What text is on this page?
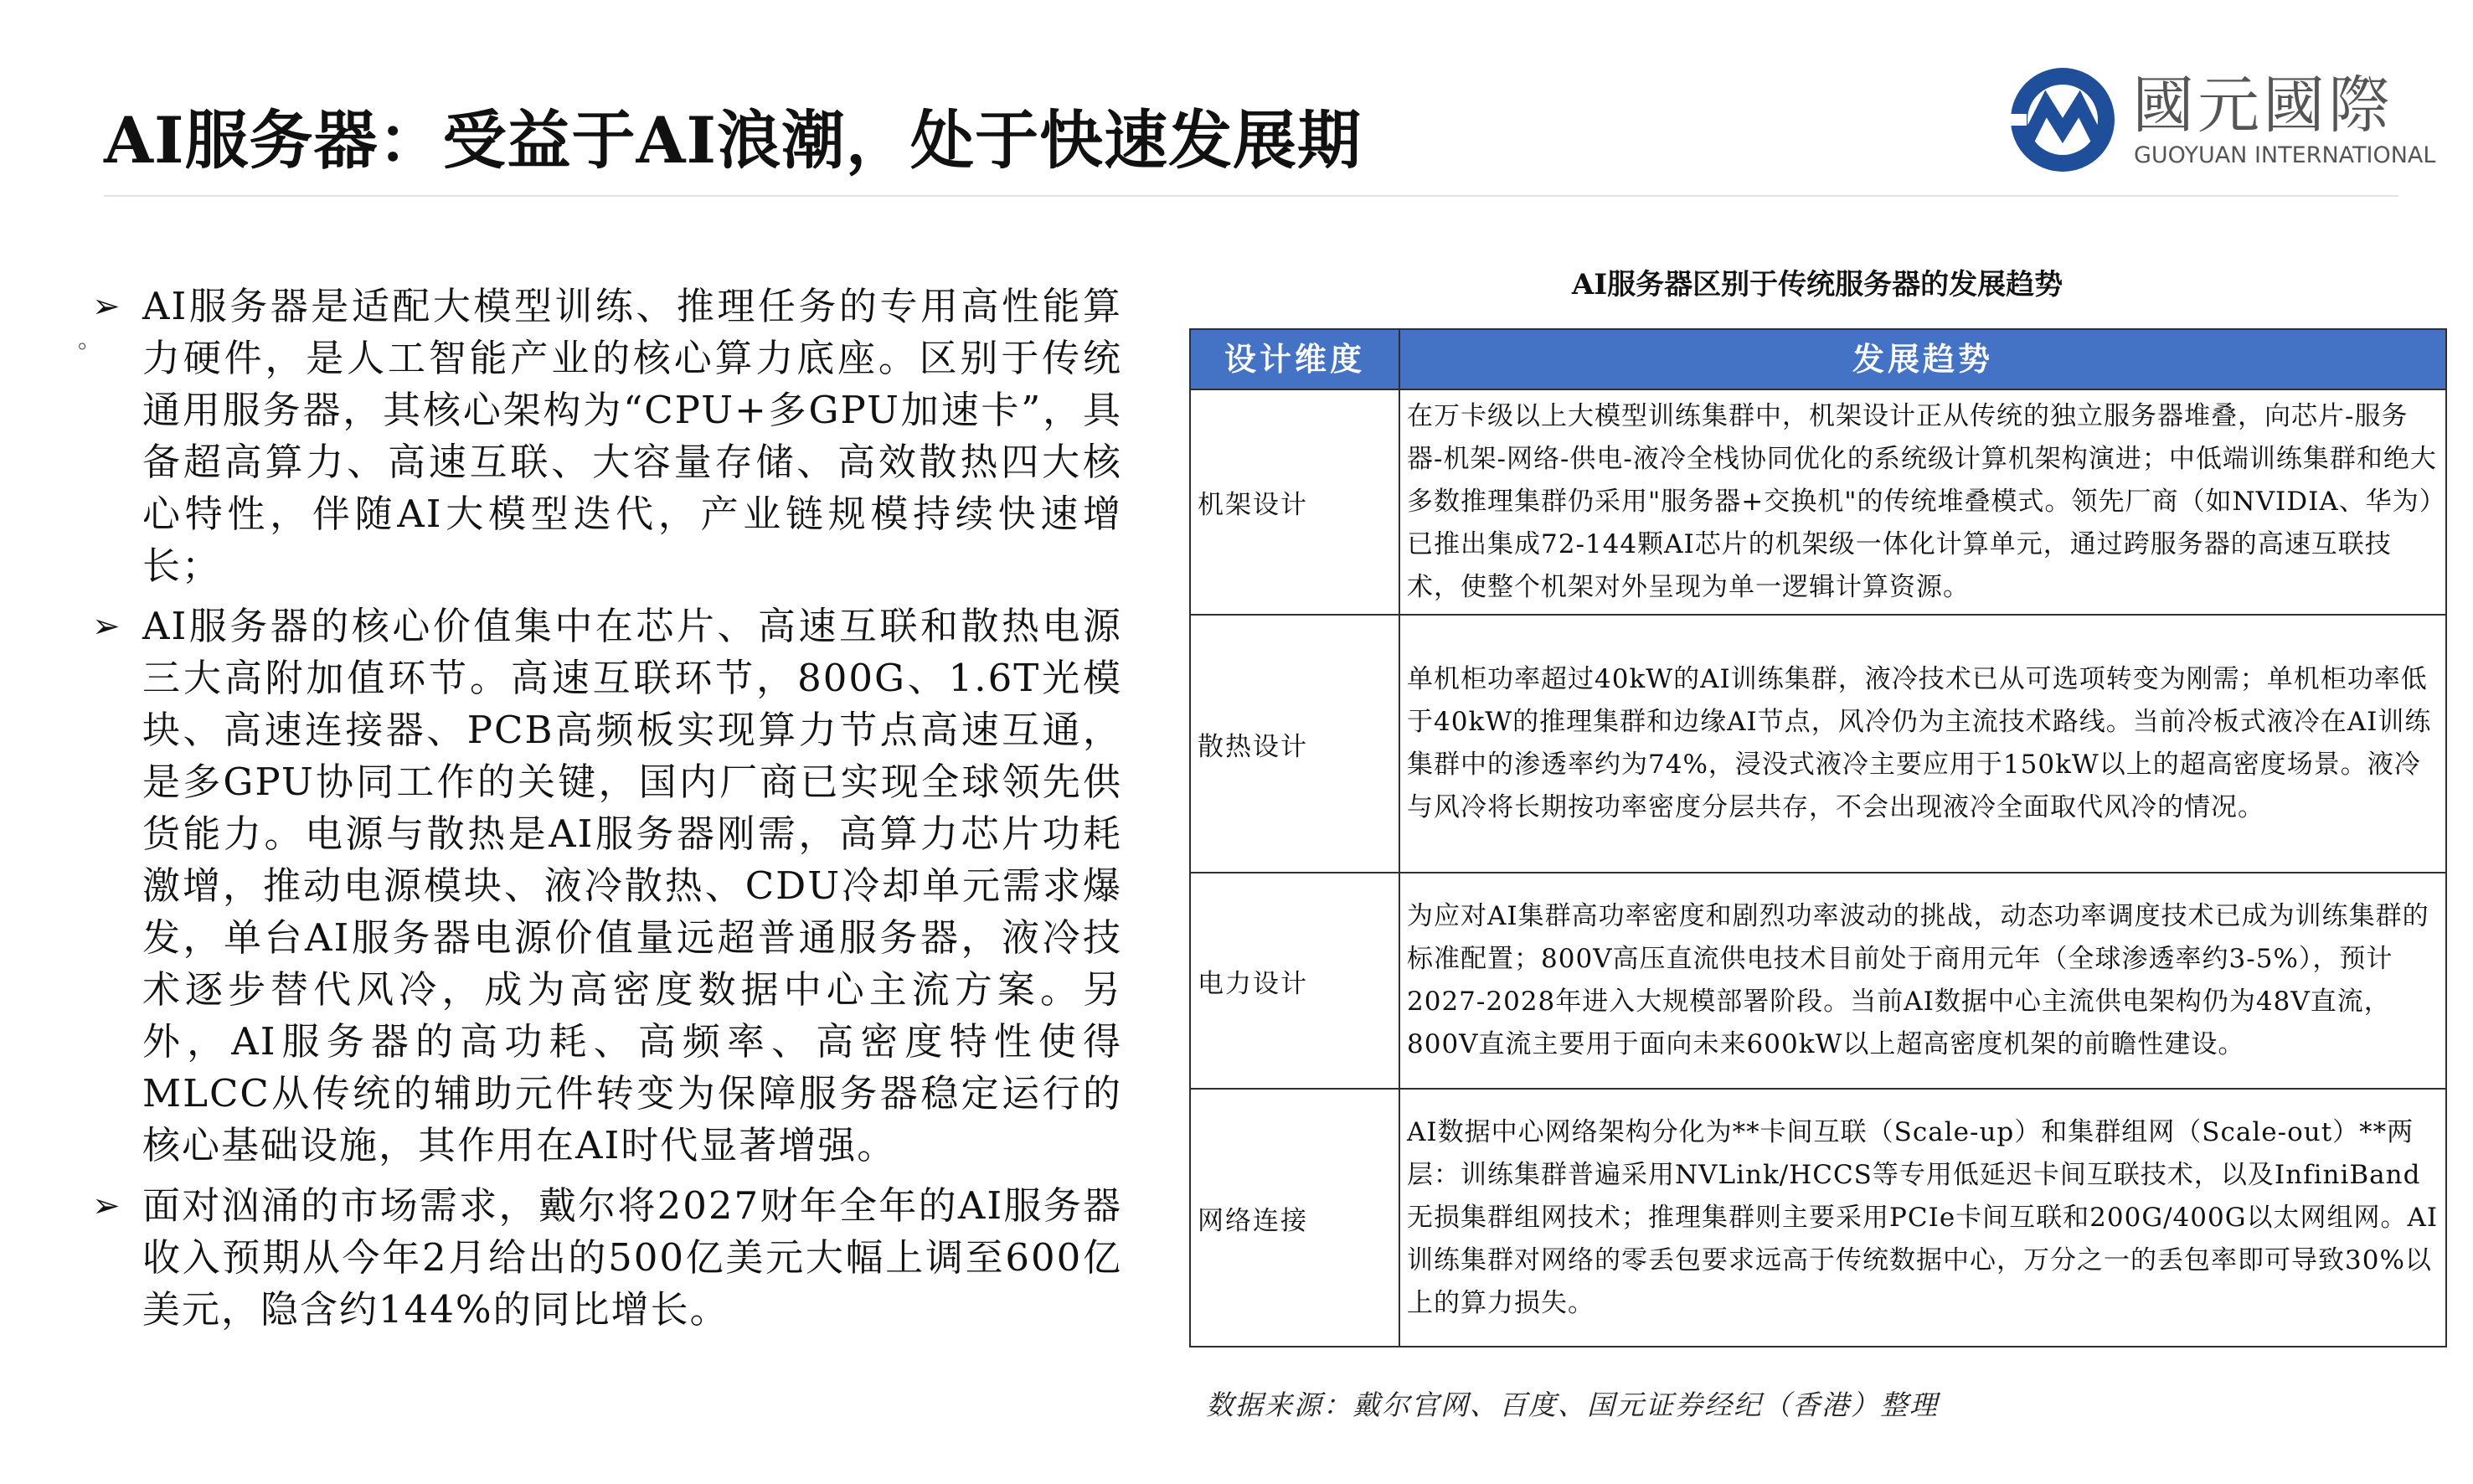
AI服务器：受益于AI浪潮，处于快速发展期	國元國際
GUOYUAN INTERNATIONAL
。
➢ AI服务器是适配大模型训练、推理任务的专用高性能算力硬件，是人工智能产业的核心算力底座。区别于传统通用服务器，其核心架构为“CPU+多GPU加速卡”，具备超高算力、高速互联、大容量存储、高效散热四大核心特性，伴随AI大模型迭代，产业链规模持续快速增长；
➢ AI服务器的核心价值集中在芯片、高速互联和散热电源三大高附加值环节。高速互联环节，800G、1.6T光模块、高速连接器、PCB高频板实现算力节点高速互通，是多GPU协同工作的关键，国内厂商已实现全球领先供货能力。电源与散热是AI服务器刚需，高算力芯片功耗激增，推动电源模块、液冷散热、CDU冷却单元需求爆发，单台AI服务器电源价值量远超普通服务器，液冷技术逐步替代风冷，成为高密度数据中心主流方案。另外，AI服务器的高功耗、高频率、高密度特性使得MLCC从传统的辅助元件转变为保障服务器稳定运行的核心基础设施，其作用在AI时代显著增强。
➢ 面对汹涌的市场需求，戴尔将2027财年全年的AI服务器收入预期从今年2月给出的500亿美元大幅上调至600亿美元，隐含约144%的同比增长。
AI服务器区别于传统服务器的发展趋势
设计维度	发展趋势
机架设计	在万卡级以上大模型训练集群中，机架设计正从传统的独立服务器堆叠，向芯片-服务器-机架-网络-供电-液冷全栈协同优化的系统级计算机架构演进；中低端训练集群和绝大多数推理集群仍采用"服务器+交换机"的传统堆叠模式。领先厂商（如NVIDIA、华为）已推出集成72-144颗AI芯片的机架级一体化计算单元，通过跨服务器的高速互联技术，使整个机架对外呈现为单一逻辑计算资源。
散热设计	单机柜功率超过40kW的AI训练集群，液冷技术已从可选项转变为刚需；单机柜功率低于40kW的推理集群和边缘AI节点，风冷仍为主流技术路线。当前冷板式液冷在AI训练集群中的渗透率约为74%，浸没式液冷主要应用于150kW以上的超高密度场景。液冷与风冷将长期按功率密度分层共存，不会出现液冷全面取代风冷的情况。
电力设计	为应对AI集群高功率密度和剧烈功率波动的挑战，动态功率调度技术已成为训练集群的标准配置；800V高压直流供电技术目前处于商用元年（全球渗透率约3-5%），预计2027-2028年进入大规模部署阶段。当前AI数据中心主流供电架构仍为48V直流，800V直流主要用于面向未来600kW以上超高密度机架的前瞻性建设。
网络连接	AI数据中心网络架构分化为**卡间互联（Scale-up）和集群组网（Scale-out）**两层：训练集群普遍采用NVLink/HCCS等专用低延迟卡间互联技术，以及InfiniBand无损集群组网技术；推理集群则主要采用PCIe卡间互联和200G/400G以太网组网。AI训练集群对网络的零丢包要求远高于传统数据中心，万分之一的丢包率即可导致30%以上的算力损失。
数据来源：戴尔官网、百度、国元证券经纪（香港）整理
